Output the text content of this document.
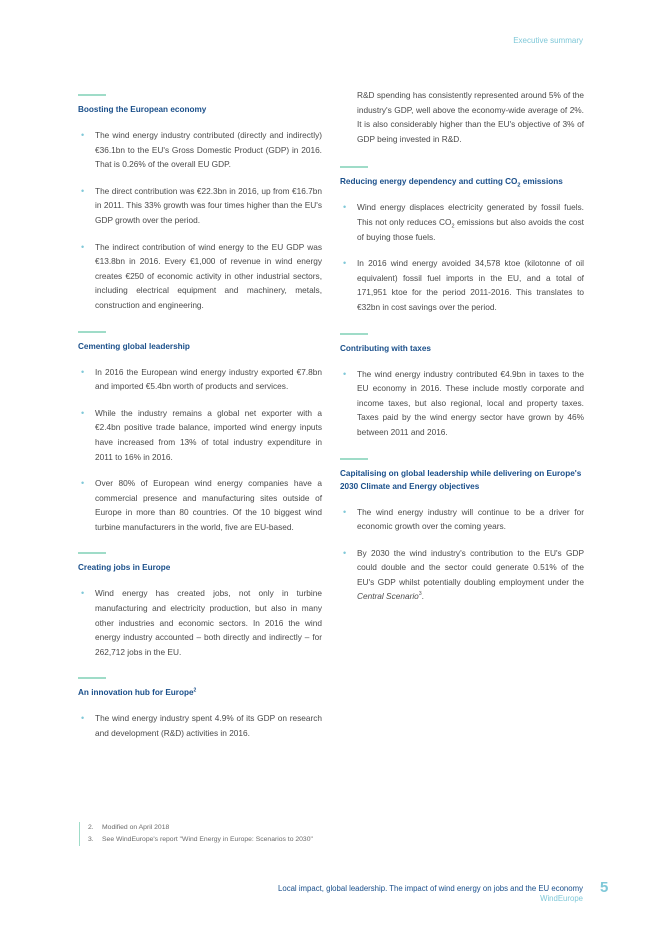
Executive summary
Boosting the European economy
• The wind energy industry contributed (directly and indirectly) €36.1bn to the EU's Gross Domestic Product (GDP) in 2016. That is 0.26% of the overall EU GDP.
• The direct contribution was €22.3bn in 2016, up from €16.7bn in 2011. This 33% growth was four times higher than the EU's GDP growth over the period.
• The indirect contribution of wind energy to the EU GDP was €13.8bn in 2016. Every €1,000 of revenue in wind energy creates €250 of economic activity in other industrial sectors, including electrical equipment and machinery, metals, construction and engineering.
Cementing global leadership
• In 2016 the European wind energy industry exported €7.8bn and imported €5.4bn worth of products and services.
• While the industry remains a global net exporter with a €2.4bn positive trade balance, imported wind energy inputs have increased from 13% of total industry expenditure in 2011 to 16% in 2016.
• Over 80% of European wind energy companies have a commercial presence and manufacturing sites outside of Europe in more than 80 countries. Of the 10 biggest wind turbine manufacturers in the world, five are EU-based.
Creating jobs in Europe
• Wind energy has created jobs, not only in turbine manufacturing and electricity production, but also in many other industries and economic sectors. In 2016 the wind energy industry accounted – both directly and indirectly – for 262,712 jobs in the EU.
An innovation hub for Europe$^2$
• The wind energy industry spent 4.9% of its GDP on research and development (R&D) activities in 2016.

R&D spending has consistently represented around 5% of the industry's GDP, well above the economy-wide average of 2%. It is also considerably higher than the EU's objective of 3% of GDP being invested in R&D.

Reducing energy dependency and cutting $CO_2$ emissions
• Wind energy displaces electricity generated by fossil fuels. This not only reduces $CO_2$ emissions but also avoids the cost of buying those fuels.
• In 2016 wind energy avoided 34,578 ktoe (kilotonne of oil equivalent) fossil fuel imports in the EU, and a total of 171,951 ktoe for the period 2011-2016. This translates to €32bn in cost savings over the period.
Contributing with taxes
• The wind energy industry contributed €4.9bn in taxes to the EU economy in 2016. These include mostly corporate and income taxes, but also regional, local and property taxes. Taxes paid by the wind energy sector have grown by 46% between 2011 and 2016.
Capitalising on global leadership while delivering on Europe's 2030 Climate and Energy objectives
• The wind energy industry will continue to be a driver for economic growth over the coming years.
• By 2030 the wind industry's contribution to the EU's GDP could double and the sector could generate 0.51% of the EU's GDP whilst potentially doubling employment under the Central Scenario$^3$.
2. Modified on April 2018
3. See WindEurope's report "Wind Energy in Europe: Scenarios to 2030"
Local impact, global leadership. The impact of wind energy on jobs and the EU economy
WindEurope
5
